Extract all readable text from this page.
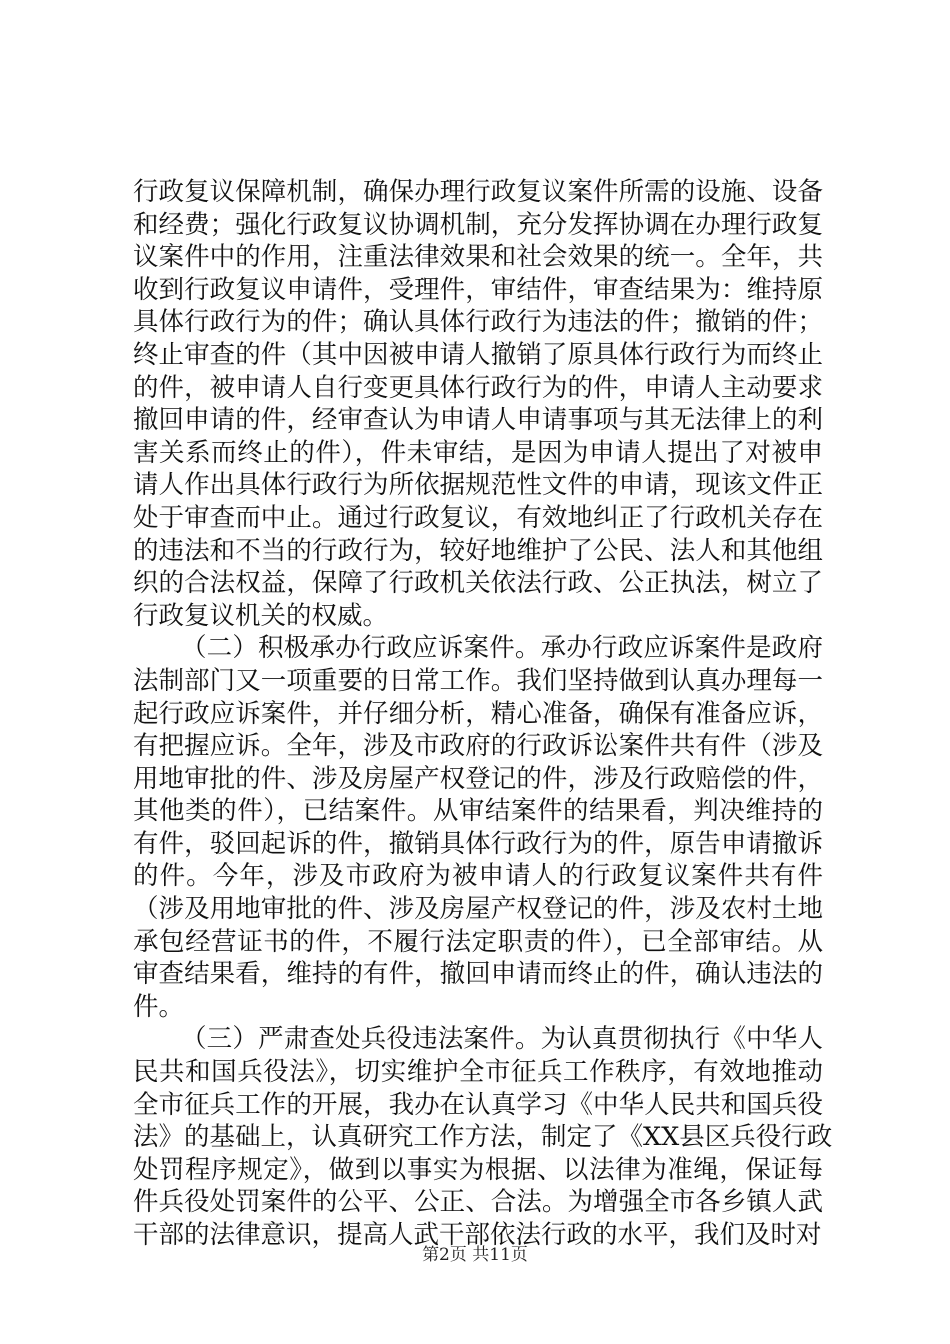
行政复议保障机制，确保办理行政复议案件所需的设施、设备
和经费；强化行政复议协调机制，充分发挥协调在办理行政复
议案件中的作用，注重法律效果和社会效果的统一。全年，共
收到行政复议申请件，受理件，审结件，审查结果为：维持原
具体行政行为的件；确认具体行政行为违法的件；撤销的件；
终止审查的件（其中因被申请人撤销了原具体行政行为而终止
的件，被申请人自行变更具体行政行为的件，申请人主动要求
撤回申请的件，经审查认为申请人申请事项与其无法律上的利
害关系而终止的件），件未审结，是因为申请人提出了对被申
请人作出具体行政行为所依据规范性文件的申请，现该文件正
处于审查而中止。通过行政复议，有效地纠正了行政机关存在
的违法和不当的行政行为，较好地维护了公民、法人和其他组
织的合法权益，保障了行政机关依法行政、公正执法，树立了
行政复议机关的权威。
（二）积极承办行政应诉案件。承办行政应诉案件是政府
法制部门又一项重要的日常工作。我们坚持做到认真办理每一
起行政应诉案件，并仔细分析，精心准备，确保有准备应诉，
有把握应诉。全年，涉及市政府的行政诉讼案件共有件（涉及
用地审批的件、涉及房屋产权登记的件，涉及行政赔偿的件，
其他类的件），已结案件。从审结案件的结果看，判决维持的
有件，驳回起诉的件，撤销具体行政行为的件，原告申请撤诉
的件。今年，涉及市政府为被申请人的行政复议案件共有件
（涉及用地审批的件、涉及房屋产权登记的件，涉及农村土地
承包经营证书的件，不履行法定职责的件），已全部审结。从
审查结果看，维持的有件，撤回申请而终止的件，确认违法的
件。
（三）严肃查处兵役违法案件。为认真贯彻执行《中华人
民共和国兵役法》，切实维护全市征兵工作秩序，有效地推动
全市征兵工作的开展，我办在认真学习《中华人民共和国兵役
法》的基础上，认真研究工作方法，制定了《XX县区兵役行政
处罚程序规定》，做到以事实为根据、以法律为准绳，保证每
件兵役处罚案件的公平、公正、合法。为增强全市各乡镇人武
干部的法律意识，提高人武干部依法行政的水平，我们及时对
第2页 共11页
